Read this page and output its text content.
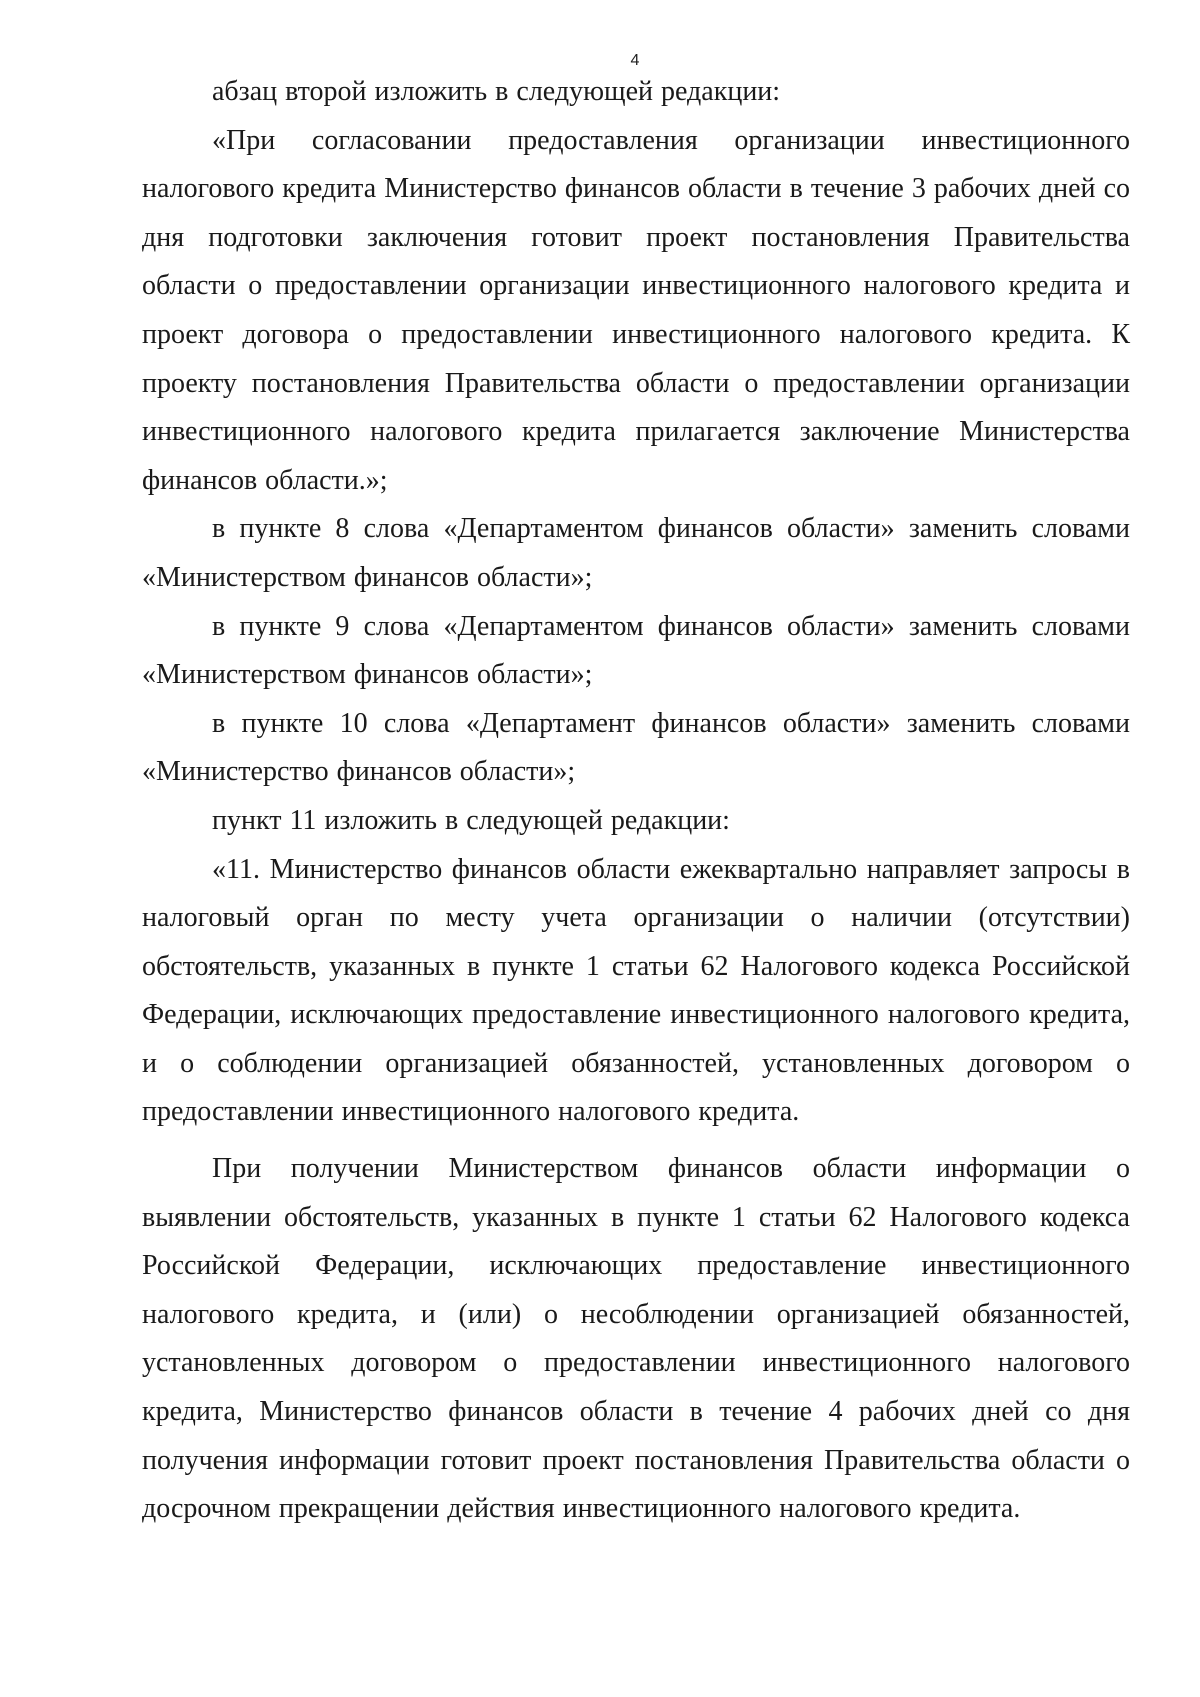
4

абзац второй изложить в следующей редакции:

«При согласовании предоставления организации инвестиционного налогового кредита Министерство финансов области в течение 3 рабочих дней со дня подготовки заключения готовит проект постановления Правительства области о предоставлении организации инвестиционного налогового кредита и проект договора о предоставлении инвестиционного налогового кредита. К проекту постановления Правительства области о предоставлении организации инвестиционного налогового кредита прилагается заключение Министерства финансов области.»;

в пункте 8 слова «Департаментом финансов области» заменить словами «Министерством финансов области»;

в пункте 9 слова «Департаментом финансов области» заменить словами «Министерством финансов области»;

в пункте 10 слова «Департамент финансов области» заменить словами «Министерство финансов области»;

пункт 11 изложить в следующей редакции:

«11. Министерство финансов области ежеквартально направляет запросы в налоговый орган по месту учета организации о наличии (отсутствии) обстоятельств, указанных в пункте 1 статьи 62 Налогового кодекса Российской Федерации, исключающих предоставление инвестиционного налогового кредита, и о соблюдении организацией обязанностей, установленных договором о предоставлении инвестиционного налогового кредита.

При получении Министерством финансов области информации о выявлении обстоятельств, указанных в пункте 1 статьи 62 Налогового кодекса Российской Федерации, исключающих предоставление инвестиционного налогового кредита, и (или) о несоблюдении организацией обязанностей, установленных договором о предоставлении инвестиционного налогового кредита, Министерство финансов области в течение 4 рабочих дней со дня получения информации готовит проект постановления Правительства области о досрочном прекращении действия инвестиционного налогового кредита.
